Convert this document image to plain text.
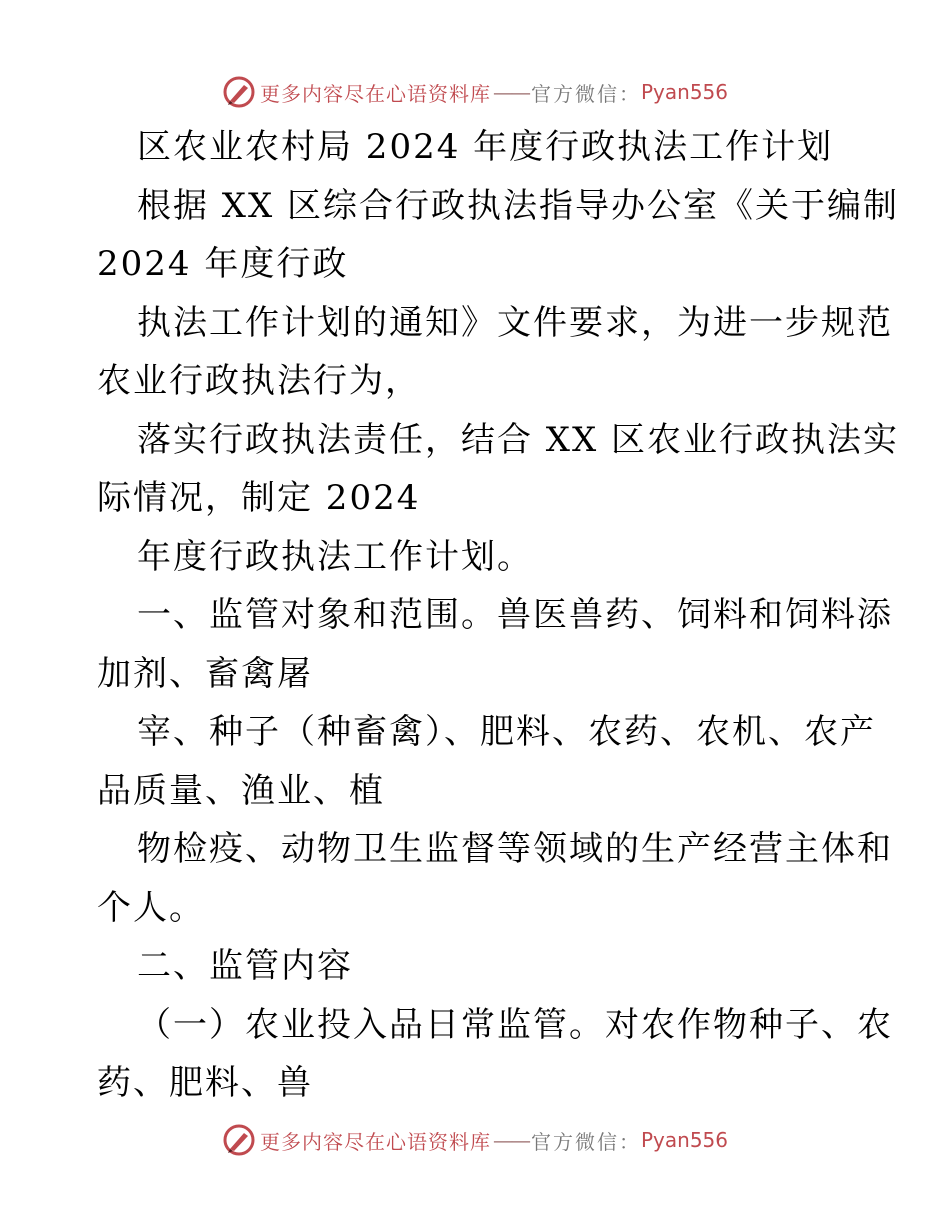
更多内容尽在心语资料库 —— 官方微信： Pyan556
区农业农村局 2024 年度行政执法工作计划
根据 XX 区综合行政执法指导办公室《关于编制
2024 年度行政
执法工作计划的通知》文件要求，为进一步规范
农业行政执法行为，
落实行政执法责任，结合 XX 区农业行政执法实
际情况，制定 2024
年度行政执法工作计划。
一、监管对象和范围。兽医兽药、饲料和饲料添
加剂、畜禽屠
宰、种子（种畜禽）、肥料、农药、农机、农产
品质量、渔业、植
物检疫、动物卫生监督等领域的生产经营主体和
个人。
二、监管内容
（一）农业投入品日常监管。对农作物种子、农
药、肥料、兽
更多内容尽在心语资料库 —— 官方微信： Pyan556
